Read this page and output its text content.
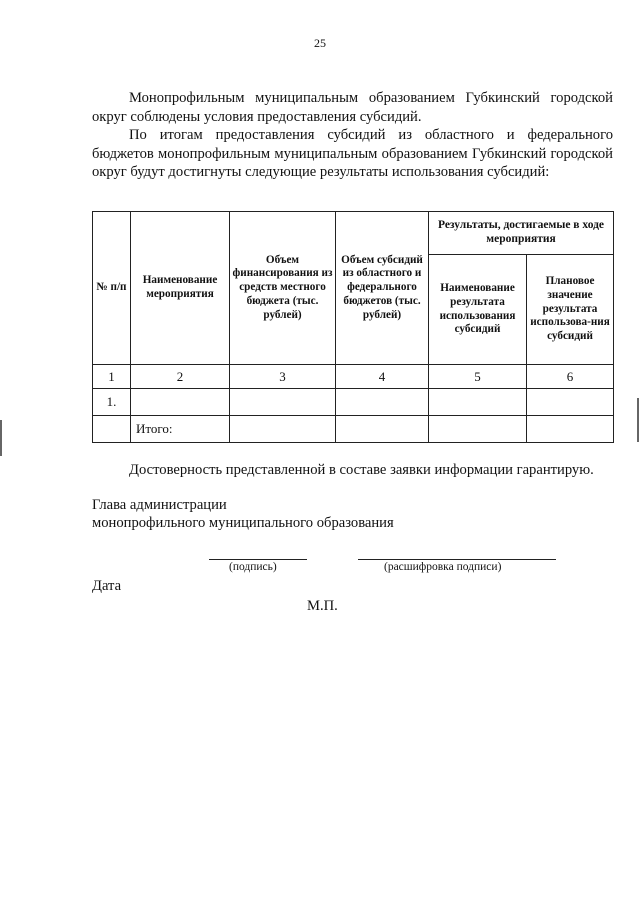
25

Монопрофильным муниципальным образованием Губкинский городской округ соблюдены условия предоставления субсидий.

По итогам предоставления субсидий из областного и федерального бюджетов монопрофильным муниципальным образованием Губкинский городской округ будут достигнуты следующие результаты использования субсидий:

№ п/п	Наименование мероприятия	Объем финансирования из средств местного бюджета (тыс. рублей)	Объем субсидий из областного и федерального бюджетов (тыс. рублей)	Результаты, достигаемые в ходе мероприятия	
				Наименование результата использования субсидий	Плановое значение результата использова-ния субсидий
1	2	3	4	5	6
1.					
	Итого:				
Достоверность представленной в составе заявки информации гарантирую.
Глава администрации
монопрофильного муниципального образования
(подпись)	(расшифровка подписи)
Дата
М.П.
